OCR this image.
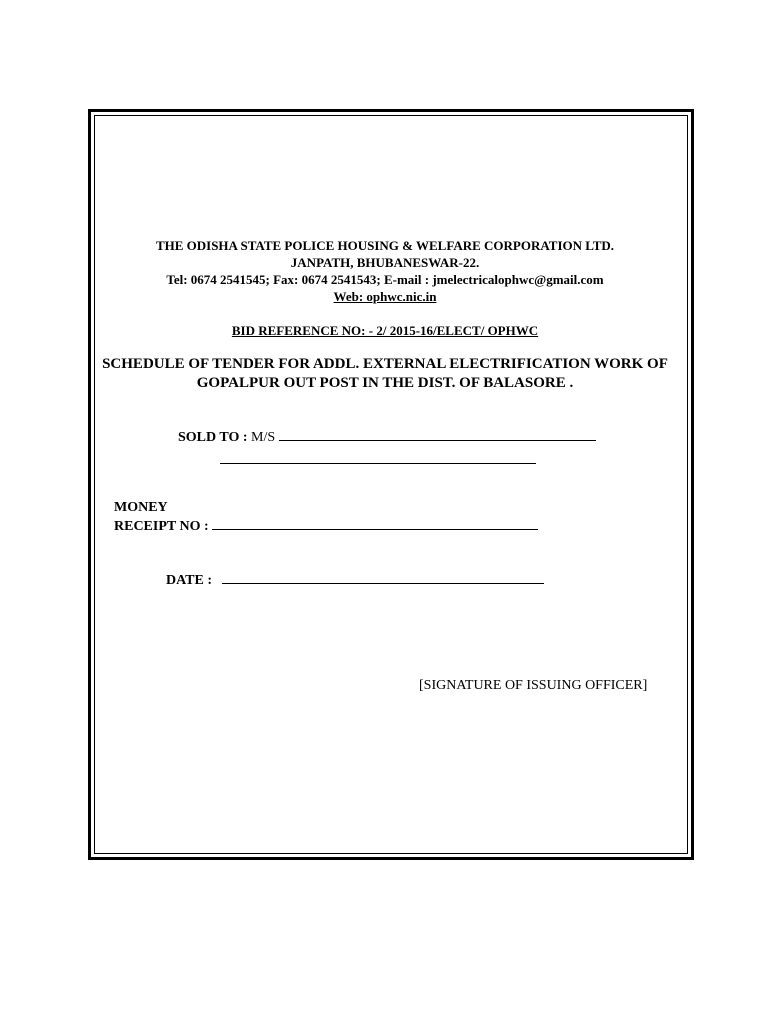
THE ODISHA STATE POLICE HOUSING & WELFARE CORPORATION LTD.
JANPATH, BHUBANESWAR-22.
Tel: 0674 2541545; Fax: 0674 2541543; E-mail : jmelectricalophwc@gmail.com
Web: ophwc.nic.in
BID REFERENCE NO: - 2/ 2015-16/ELECT/ OPHWC
SCHEDULE OF TENDER FOR ADDL. EXTERNAL ELECTRIFICATION WORK OF
GOPALPUR OUT POST IN THE DIST. OF BALASORE .
SOLD TO : M/S
MONEY
RECEIPT NO :
DATE :
[SIGNATURE OF ISSUING OFFICER]
